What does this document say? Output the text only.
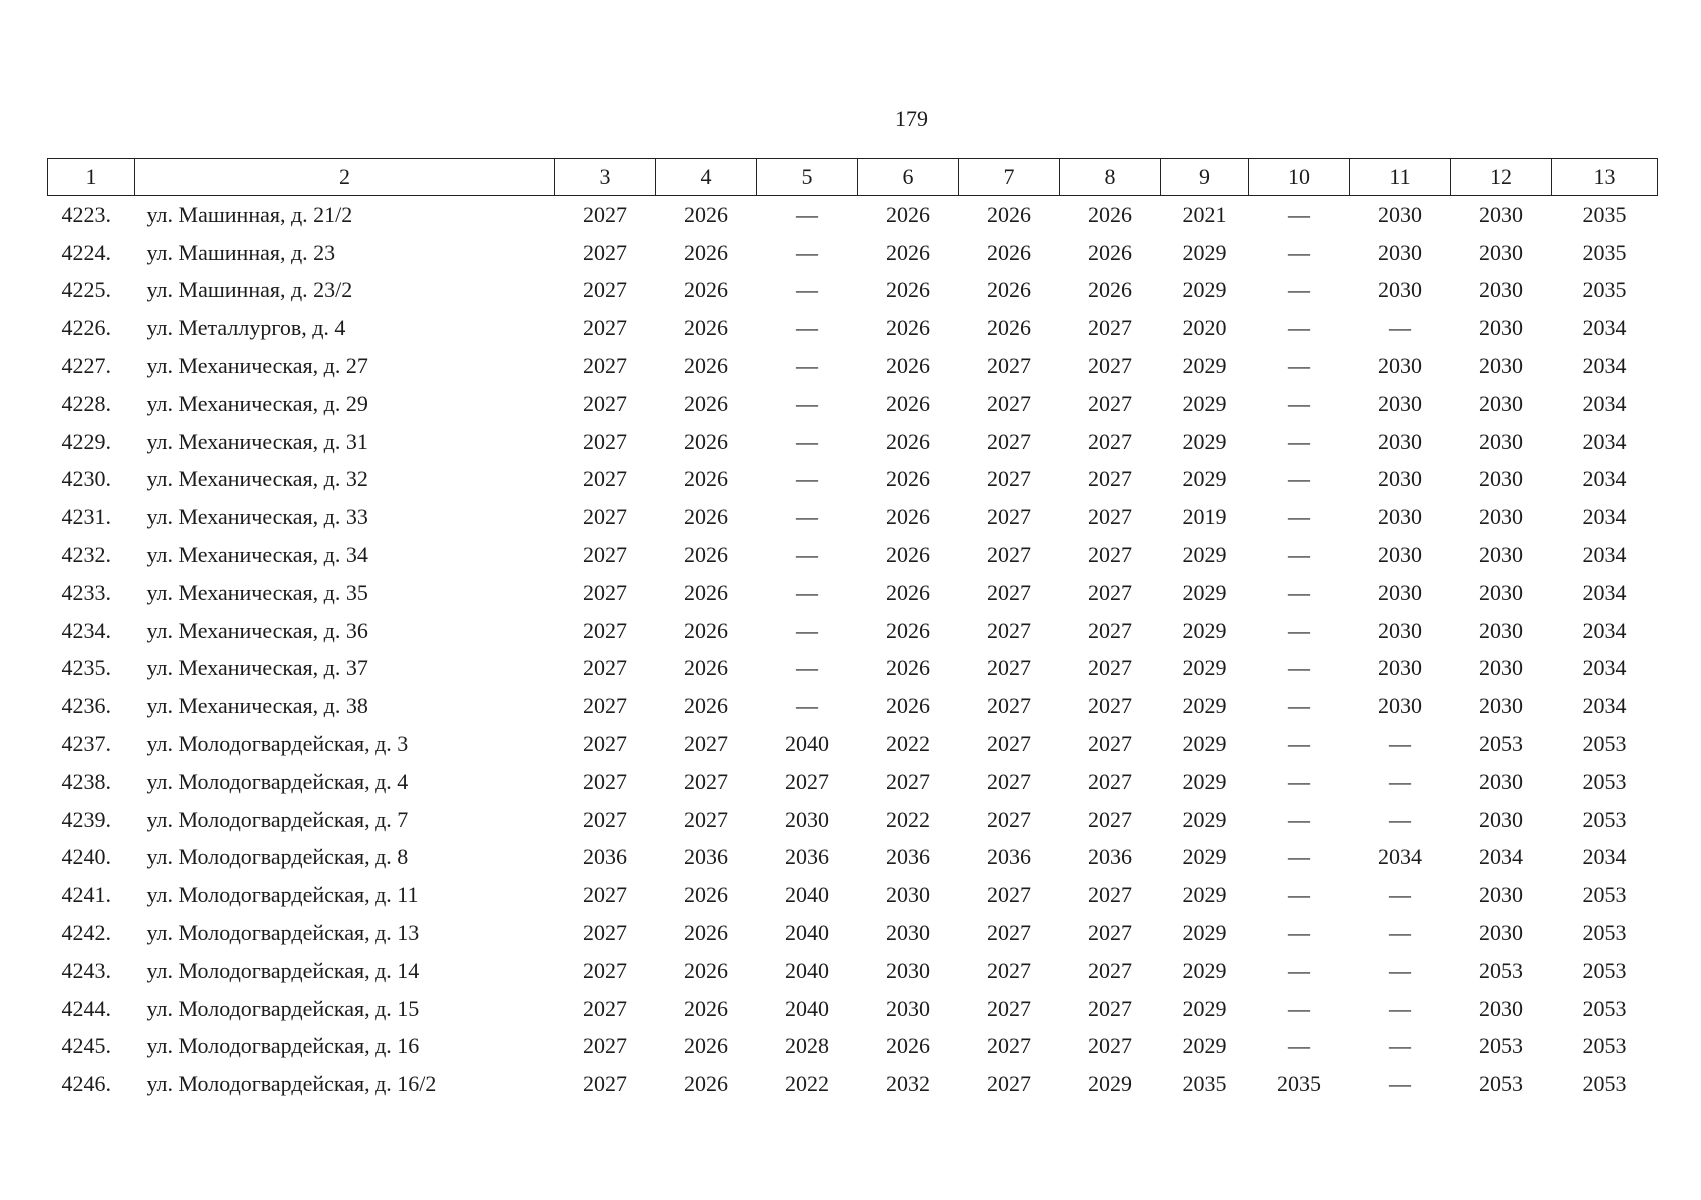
179
1	2	3	4	5	6	7	8	9	10	11	12	13
4223.	ул. Машинная, д. 21/2	2027	2026	—	2026	2026	2026	2021	—	2030	2030	2035
4224.	ул. Машинная, д. 23	2027	2026	—	2026	2026	2026	2029	—	2030	2030	2035
4225.	ул. Машинная, д. 23/2	2027	2026	—	2026	2026	2026	2029	—	2030	2030	2035
4226.	ул. Металлургов, д. 4	2027	2026	—	2026	2026	2027	2020	—	—	2030	2034
4227.	ул. Механическая, д. 27	2027	2026	—	2026	2027	2027	2029	—	2030	2030	2034
4228.	ул. Механическая, д. 29	2027	2026	—	2026	2027	2027	2029	—	2030	2030	2034
4229.	ул. Механическая, д. 31	2027	2026	—	2026	2027	2027	2029	—	2030	2030	2034
4230.	ул. Механическая, д. 32	2027	2026	—	2026	2027	2027	2029	—	2030	2030	2034
4231.	ул. Механическая, д. 33	2027	2026	—	2026	2027	2027	2019	—	2030	2030	2034
4232.	ул. Механическая, д. 34	2027	2026	—	2026	2027	2027	2029	—	2030	2030	2034
4233.	ул. Механическая, д. 35	2027	2026	—	2026	2027	2027	2029	—	2030	2030	2034
4234.	ул. Механическая, д. 36	2027	2026	—	2026	2027	2027	2029	—	2030	2030	2034
4235.	ул. Механическая, д. 37	2027	2026	—	2026	2027	2027	2029	—	2030	2030	2034
4236.	ул. Механическая, д. 38	2027	2026	—	2026	2027	2027	2029	—	2030	2030	2034
4237.	ул. Молодогвардейская, д. 3	2027	2027	2040	2022	2027	2027	2029	—	—	2053	2053
4238.	ул. Молодогвардейская, д. 4	2027	2027	2027	2027	2027	2027	2029	—	—	2030	2053
4239.	ул. Молодогвардейская, д. 7	2027	2027	2030	2022	2027	2027	2029	—	—	2030	2053
4240.	ул. Молодогвардейская, д. 8	2036	2036	2036	2036	2036	2036	2029	—	2034	2034	2034
4241.	ул. Молодогвардейская, д. 11	2027	2026	2040	2030	2027	2027	2029	—	—	2030	2053
4242.	ул. Молодогвардейская, д. 13	2027	2026	2040	2030	2027	2027	2029	—	—	2030	2053
4243.	ул. Молодогвардейская, д. 14	2027	2026	2040	2030	2027	2027	2029	—	—	2053	2053
4244.	ул. Молодогвардейская, д. 15	2027	2026	2040	2030	2027	2027	2029	—	—	2030	2053
4245.	ул. Молодогвардейская, д. 16	2027	2026	2028	2026	2027	2027	2029	—	—	2053	2053
4246.	ул. Молодогвардейская, д. 16/2	2027	2026	2022	2032	2027	2029	2035	2035	—	2053	2053
